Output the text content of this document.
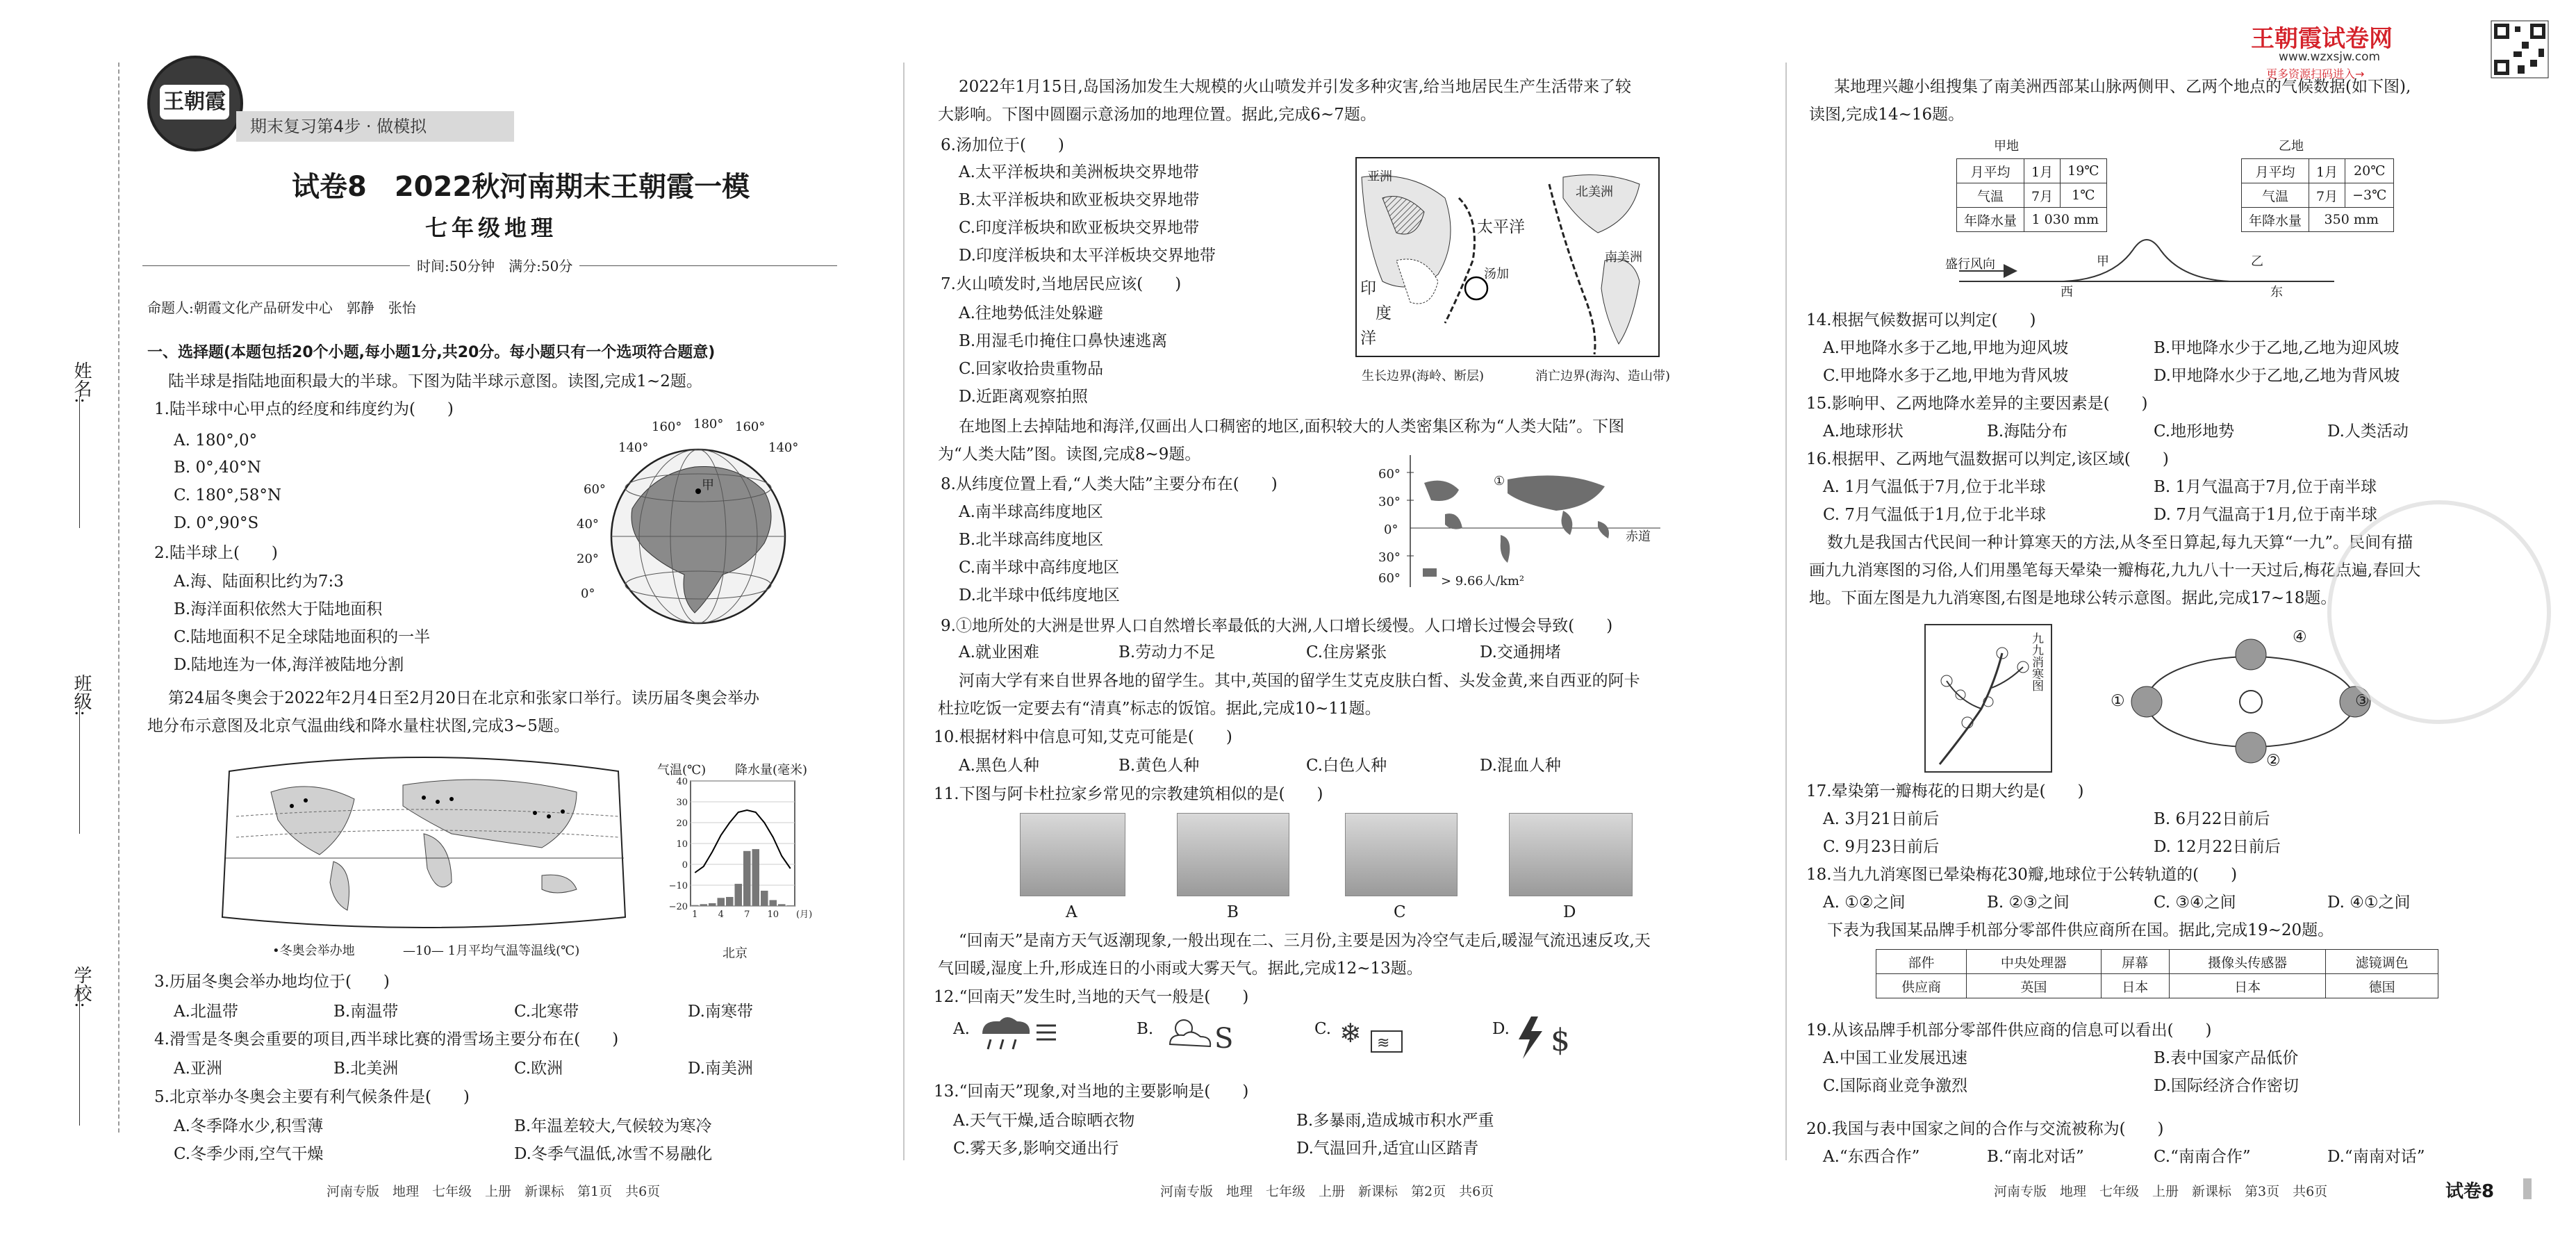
姓名:
班级:
学校:
王朝霞
期末复习第4步 · 做模拟
试卷8　2022秋河南期末王朝霞一模
七年级地理
时间:50分钟　满分:50分
命题人:朝霞文化产品研发中心　郭静　张怡
一、选择题(本题包括20个小题,每小题1分,共20分。每小题只有一个选项符合题意)
陆半球是指陆地面积最大的半球。下图为陆半球示意图。读图,完成1~2题。
1.陆半球中心甲点的经度和纬度约为(　　)
A. 180°,0°
B. 0°,40°N
C. 180°,58°N
D. 0°,90°S
2.陆半球上(　　)
A.海、陆面积比约为7:3
B.海洋面积依然大于陆地面积
C.陆地面积不足全球陆地面积的一半
D.陆地连为一体,海洋被陆地分割
160° 180° 160°
140°	140°
60°
40°
20°
0°
甲
第24届冬奥会于2022年2月4日至2月20日在北京和张家口举行。读历届冬奥会举办
地分布示意图及北京气温曲线和降水量柱状图,完成3~5题。
•冬奥会举办地	—10— 1月平均气温等温线(℃)
气温(℃) 降水量(毫米)
40
30
20
10
0
−10
−20
1 4 7 10 (月)
北京
3.历届冬奥会举办地均位于(　　)
A.北温带	B.南温带	C.北寒带	D.南寒带
4.滑雪是冬奥会重要的项目,西半球比赛的滑雪场主要分布在(　　)
A.亚洲	B.北美洲	C.欧洲	D.南美洲
5.北京举办冬奥会主要有利气候条件是(　　)
A.冬季降水少,积雪薄	B.年温差较大,气候较为寒冷
C.冬季少雨,空气干燥	D.冬季气温低,冰雪不易融化
河南专版　地理　七年级　上册　新课标　第1页　共6页
2022年1月15日,岛国汤加发生大规模的火山喷发并引发多种灾害,给当地居民生产生活带来了较
大影响。下图中圆圈示意汤加的地理位置。据此,完成6~7题。
6.汤加位于(　　)
A.太平洋板块和美洲板块交界地带
B.太平洋板块和欧亚板块交界地带
C.印度洋板块和欧亚板块交界地带
D.印度洋板块和太平洋板块交界地带
7.火山喷发时,当地居民应该(　　)
A.往地势低洼处躲避
B.用湿毛巾掩住口鼻快速逃离
C.回家收拾贵重物品
D.近距离观察拍照
亚洲
太平洋
北美洲
南美洲
印
度
洋
汤加
生长边界(海岭、断层)	消亡边界(海沟、造山带)
在地图上去掉陆地和海洋,仅画出人口稠密的地区,面积较大的人类密集区称为“人类大陆”。下图
为“人类大陆”图。读图,完成8~9题。
8.从纬度位置上看,“人类大陆”主要分布在(　　)
A.南半球高纬度地区
B.北半球高纬度地区
C.南半球中高纬度地区
D.北半球中低纬度地区
60°
30°
0°
30°
60°
赤道
> 9.66人/km²
①
9.①地所处的大洲是世界人口自然增长率最低的大洲,人口增长缓慢。人口增长过慢会导致(　　)
A.就业困难	B.劳动力不足	C.住房紧张	D.交通拥堵
河南大学有来自世界各地的留学生。其中,英国的留学生艾克皮肤白皙、头发金黄,来自西亚的阿卡
杜拉吃饭一定要去有“清真”标志的饭馆。据此,完成10~11题。
10.根据材料中信息可知,艾克可能是(　　)
A.黑色人种	B.黄色人种	C.白色人种	D.混血人种
11.下图与阿卡杜拉家乡常见的宗教建筑相似的是(　　)
A	B	C	D
“回南天”是南方天气返潮现象,一般出现在二、三月份,主要是因为冷空气走后,暖湿气流迅速反攻,天
气回暖,湿度上升,形成连日的小雨或大雾天气。据此,完成12~13题。
12.“回南天”发生时,当地的天气一般是(　　)
A.	B.	C.	D.
S	❄ ≋	$
13.“回南天”现象,对当地的主要影响是(　　)
A.天气干燥,适合晾晒衣物	B.多暴雨,造成城市积水严重
C.雾天多,影响交通出行	D.气温回升,适宜山区踏青
河南专版　地理　七年级　上册　新课标　第2页　共6页
王朝霞试卷网
www.wzxsjw.com
更多资源扫码进入→
某地理兴趣小组搜集了南美洲西部某山脉两侧甲、乙两个地点的气候数据(如下图),
读图,完成14~16题。
甲地
月平均	1月	19℃
气温	7月	1℃
年降水量	1 030 mm	
乙地
月平均	1月	20℃
气温	7月	−3℃
年降水量	350 mm	
盛行风向	甲	乙
西	东
14.根据气候数据可以判定(　　)
A.甲地降水多于乙地,甲地为迎风坡	B.甲地降水少于乙地,乙地为迎风坡
C.甲地降水多于乙地,甲地为背风坡	D.甲地降水少于乙地,乙地为背风坡
15.影响甲、乙两地降水差异的主要因素是(　　)
A.地球形状	B.海陆分布	C.地形地势	D.人类活动
16.根据甲、乙两地气温数据可以判定,该区域(　　)
A. 1月气温低于7月,位于北半球	B. 1月气温高于7月,位于南半球
C. 7月气温低于1月,位于北半球	D. 7月气温高于1月,位于南半球
数九是我国古代民间一种计算寒天的方法,从冬至日算起,每九天算“一九”。民间有描
画九九消寒图的习俗,人们用墨笔每天晕染一瓣梅花,九九八十一天过后,梅花点遍,春回大
地。下面左图是九九消寒图,右图是地球公转示意图。据此,完成17~18题。
九九消寒图
①
②
③
④
17.晕染第一瓣梅花的日期大约是(　　)
A. 3月21日前后	B. 6月22日前后
C. 9月23日前后	D. 12月22日前后
18.当九九消寒图已晕染梅花30瓣,地球位于公转轨道的(　　)
A. ①②之间	B. ②③之间	C. ③④之间	D. ④①之间
下表为我国某品牌手机部分零部件供应商所在国。据此,完成19~20题。
部件	中央处理器	屏幕	摄像头传感器	滤镜调色
供应商	英国	日本	日本	德国
19.从该品牌手机部分零部件供应商的信息可以看出(　　)
A.中国工业发展迅速	B.表中国家产品低价
C.国际商业竞争激烈	D.国际经济合作密切
20.我国与表中国家之间的合作与交流被称为(　　)
A.“东西合作”	B.“南北对话”	C.“南南合作”	D.“南南对话”
河南专版　地理　七年级　上册　新课标　第3页　共6页	试卷8
